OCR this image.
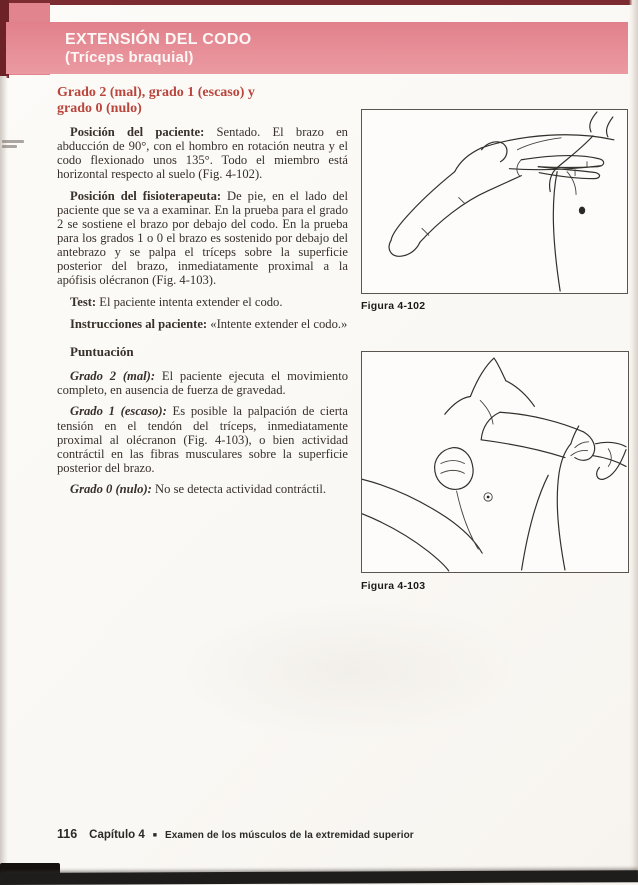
EXTENSIÓN DEL CODO
(Tríceps braquial)
Grado 2 (mal), grado 1 (escaso) y
grado 0 (nulo)

Posición del paciente: Sentado. El brazo en abducción de 90°, con el hombro en rotación neutra y el codo flexionado unos 135°. Todo el miembro está horizontal respecto al suelo (Fig. 4-102).

Posición del fisioterapeuta: De pie, en el lado del paciente que se va a examinar. En la prueba para el grado 2 se sostiene el brazo por debajo del codo. En la prueba para los grados 1 o 0 el brazo es sostenido por debajo del antebrazo y se palpa el tríceps sobre la superficie posterior del brazo, inmediatamente proximal a la apófisis olécranon (Fig. 4-103).

Test: El paciente intenta extender el codo.

Instrucciones al paciente: «Intente extender el codo.»

Puntuación

Grado 2 (mal): El paciente ejecuta el movimiento completo, en ausencia de fuerza de gravedad.

Grado 1 (escaso): Es posible la palpación de cierta tensión en el tendón del tríceps, inmediatamente proximal al olécranon (Fig. 4-103), o bien actividad contráctil en las fibras musculares sobre la superficie posterior del brazo.

Grado 0 (nulo): No se detecta actividad contráctil.

Figura 4-102
Figura 4-103
116 Capítulo 4 ■ Examen de los músculos de la extremidad superior
